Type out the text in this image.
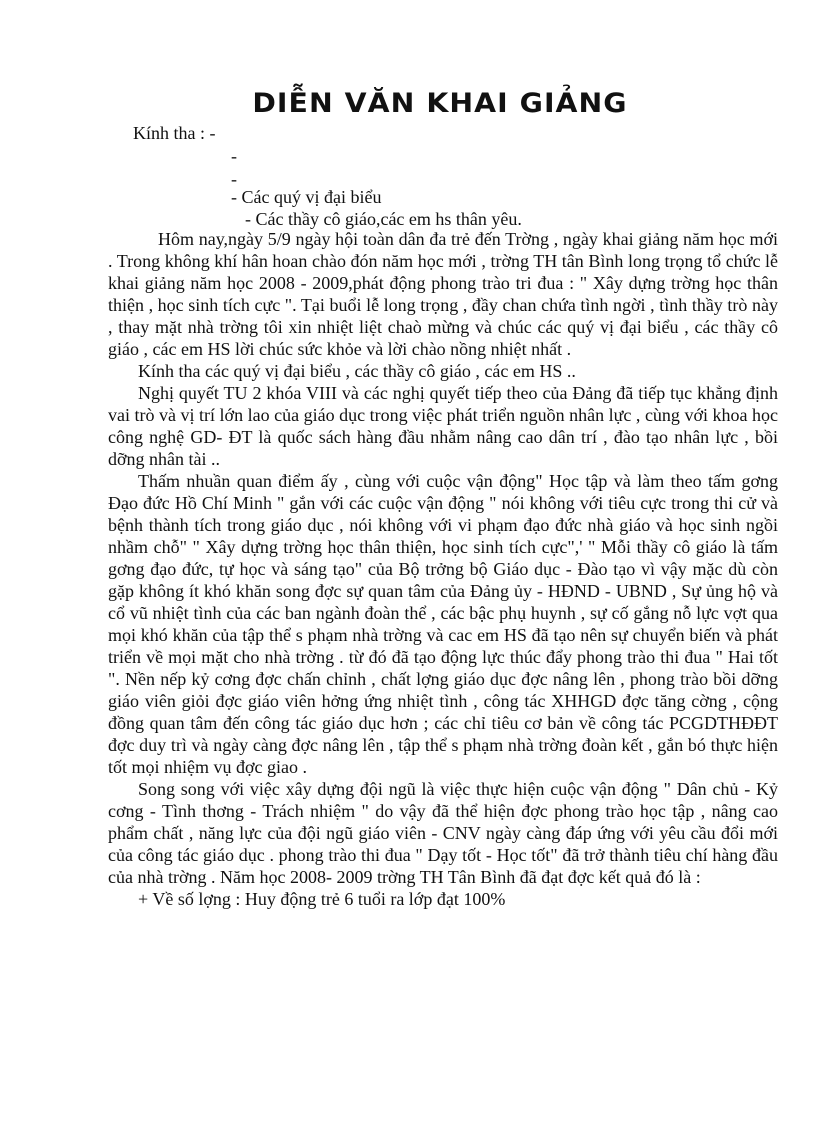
DIỄN VĂN KHAI GIẢNG
Kính tha : -
-
-
- Các quý vị đại biểu
- Các thầy cô giáo,các em hs thân yêu.

Hôm nay,ngày 5/9 ngày hội toàn dân đa trẻ đến Trờng , ngày khai giảng năm học mới . Trong không khí hân hoan chào đón năm học mới , trờng TH tân Bình long trọng tổ chức lễ khai giảng năm học 2008 - 2009,phát động phong trào tri đua : " Xây dựng trờng học thân thiện , học sinh tích cực ". Tại buổi lễ long trọng , đầy chan chứa tình ngời , tình thầy trò này , thay mặt nhà trờng tôi xin nhiệt liệt chaò mừng và chúc các quý vị đại biểu , các thầy cô giáo , các em HS lời chúc sức khỏe và lời chào nồng nhiệt nhất .

Kính tha các quý vị đại biểu , các thầy cô giáo , các em HS ..

Nghị quyết TU 2 khóa VIII và các nghị quyết tiếp theo của Đảng đã tiếp tục khẳng định vai trò và vị trí lớn lao của giáo dục trong việc phát triển nguồn nhân lực , cùng với khoa học công nghệ GD- ĐT là quốc sách hàng đầu nhằm nâng cao dân trí , đào tạo nhân lực , bồi dỡng nhân tài ..

Thấm nhuần quan điểm ấy , cùng với cuộc vận động" Học tập và làm theo tấm gơng Đạo đức Hồ Chí Minh " gắn với các cuộc vận động " nói không với tiêu cực trong thi cử và bệnh thành tích trong giáo dục , nói không với vi phạm đạo đức nhà giáo và học sinh ngồi nhầm chỗ" " Xây dựng trờng học thân thiện, học sinh tích cực",' " Mỗi thầy cô giáo là tấm gơng đạo đức, tự học và sáng tạo" của Bộ trởng bộ Giáo dục - Đào tạo vì vậy mặc dù còn gặp không ít khó khăn song đợc sự quan tâm của Đảng ủy - HĐND - UBND , Sự ủng hộ và cổ vũ nhiệt tình của các ban ngành đoàn thể , các bậc phụ huynh , sự cố gắng nỗ lực vợt qua mọi khó khăn của tập thể s phạm nhà trờng và cac em HS đã tạo nên sự chuyển biến và phát triển về mọi mặt cho nhà trờng . từ đó đã tạo động lực thúc đẩy phong trào thi đua " Hai tốt ". Nền nếp kỷ cơng đợc chấn chỉnh , chất lợng giáo dục đợc nâng lên , phong trào bồi dỡng giáo viên giỏi đợc giáo viên hởng ứng nhiệt tình , công tác XHHGD đợc tăng cờng , cộng đồng quan tâm đến công tác giáo dục hơn ; các chỉ tiêu cơ bản về công tác PCGDTHĐĐT đợc duy trì và ngày càng đợc nâng lên , tập thể s phạm nhà trờng đoàn kết , gắn bó thực hiện tốt mọi nhiệm vụ đợc giao .

Song song với việc xây dựng đội ngũ là việc thực hiện cuộc vận động " Dân chủ - Kỷ cơng - Tình thơng - Trách nhiệm " do vậy đã thể hiện đợc phong trào học tập , nâng cao phẩm chất , năng lực của đội ngũ giáo viên - CNV ngày càng đáp ứng với yêu cầu đổi mới của công tác giáo dục . phong trào thi đua " Dạy tốt - Học tốt" đã trở thành tiêu chí hàng đầu của nhà trờng . Năm học 2008- 2009 trờng TH Tân Bình đã đạt đợc kết quả đó là :

+ Về số lợng : Huy động trẻ 6 tuổi ra lớp đạt 100%
